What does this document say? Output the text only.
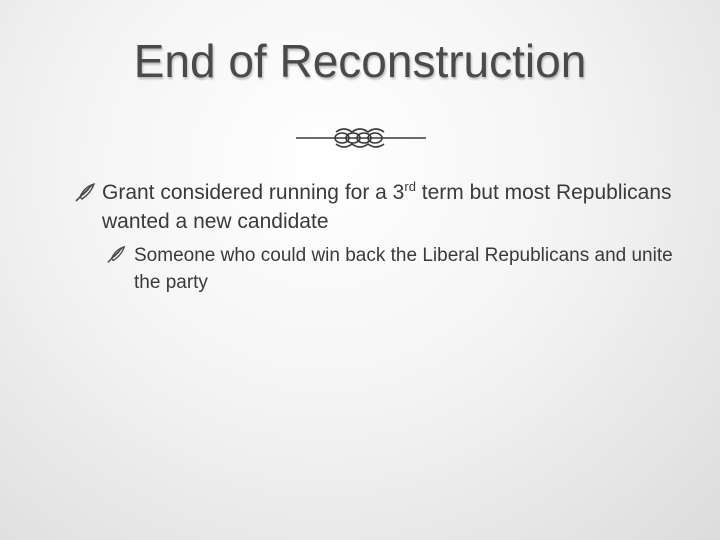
End of Reconstruction
Grant considered running for a 3rd term but most Republicans wanted a new candidate
Someone who could win back the Liberal Republicans and unite the party
